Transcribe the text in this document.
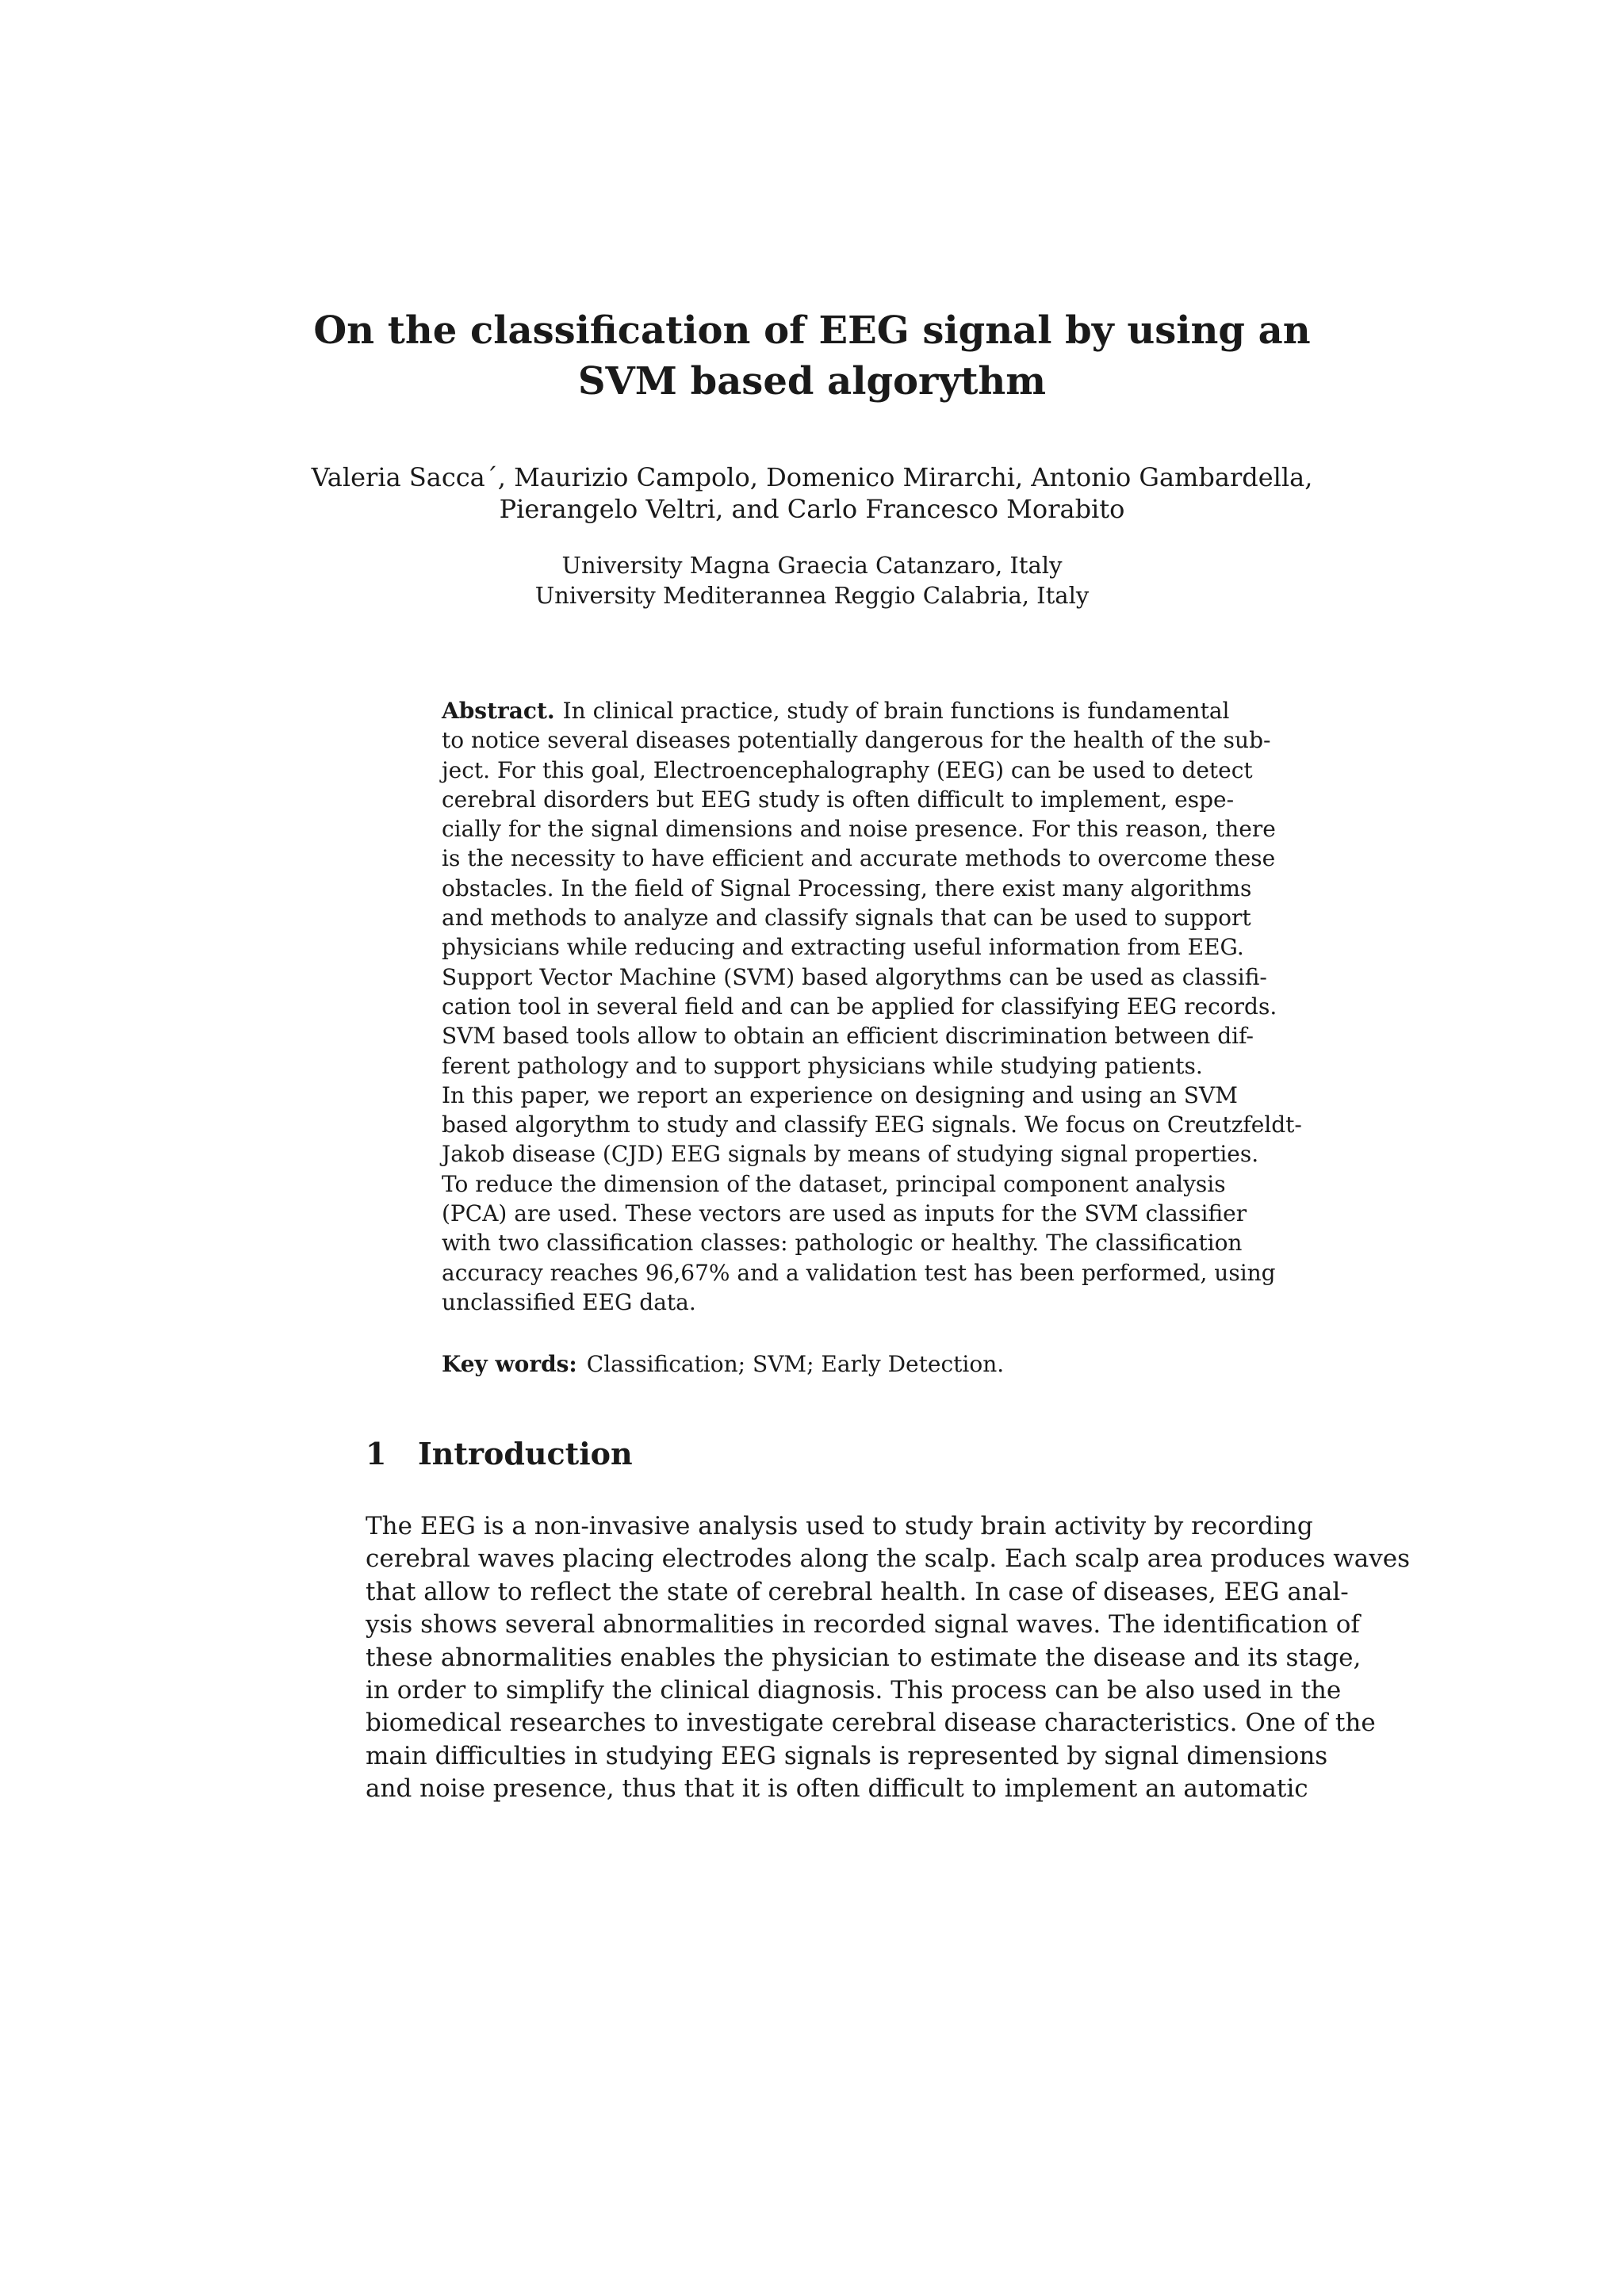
On the classification of EEG signal by using an
SVM based algorythm
Valeria Sacca´, Maurizio Campolo, Domenico Mirarchi, Antonio Gambardella,
Pierangelo Veltri, and Carlo Francesco Morabito
University Magna Graecia Catanzaro, Italy
University Mediterannea Reggio Calabria, Italy
Abstract. In clinical practice, study of brain functions is fundamental
to notice several diseases potentially dangerous for the health of the sub-
ject. For this goal, Electroencephalography (EEG) can be used to detect
cerebral disorders but EEG study is often difficult to implement, espe-
cially for the signal dimensions and noise presence. For this reason, there
is the necessity to have efficient and accurate methods to overcome these
obstacles. In the field of Signal Processing, there exist many algorithms
and methods to analyze and classify signals that can be used to support
physicians while reducing and extracting useful information from EEG.
Support Vector Machine (SVM) based algorythms can be used as classifi-
cation tool in several field and can be applied for classifying EEG records.
SVM based tools allow to obtain an efficient discrimination between dif-
ferent pathology and to support physicians while studying patients.
In this paper, we report an experience on designing and using an SVM
based algorythm to study and classify EEG signals. We focus on Creutzfeldt-
Jakob disease (CJD) EEG signals by means of studying signal properties.
To reduce the dimension of the dataset, principal component analysis
(PCA) are used. These vectors are used as inputs for the SVM classifier
with two classification classes: pathologic or healthy. The classification
accuracy reaches 96,67% and a validation test has been performed, using
unclassified EEG data.
Key words: Classification; SVM; Early Detection.
1 Introduction
The EEG is a non-invasive analysis used to study brain activity by recording
cerebral waves placing electrodes along the scalp. Each scalp area produces waves
that allow to reflect the state of cerebral health. In case of diseases, EEG anal-
ysis shows several abnormalities in recorded signal waves. The identification of
these abnormalities enables the physician to estimate the disease and its stage,
in order to simplify the clinical diagnosis. This process can be also used in the
biomedical researches to investigate cerebral disease characteristics. One of the
main difficulties in studying EEG signals is represented by signal dimensions
and noise presence, thus that it is often difficult to implement an automatic
